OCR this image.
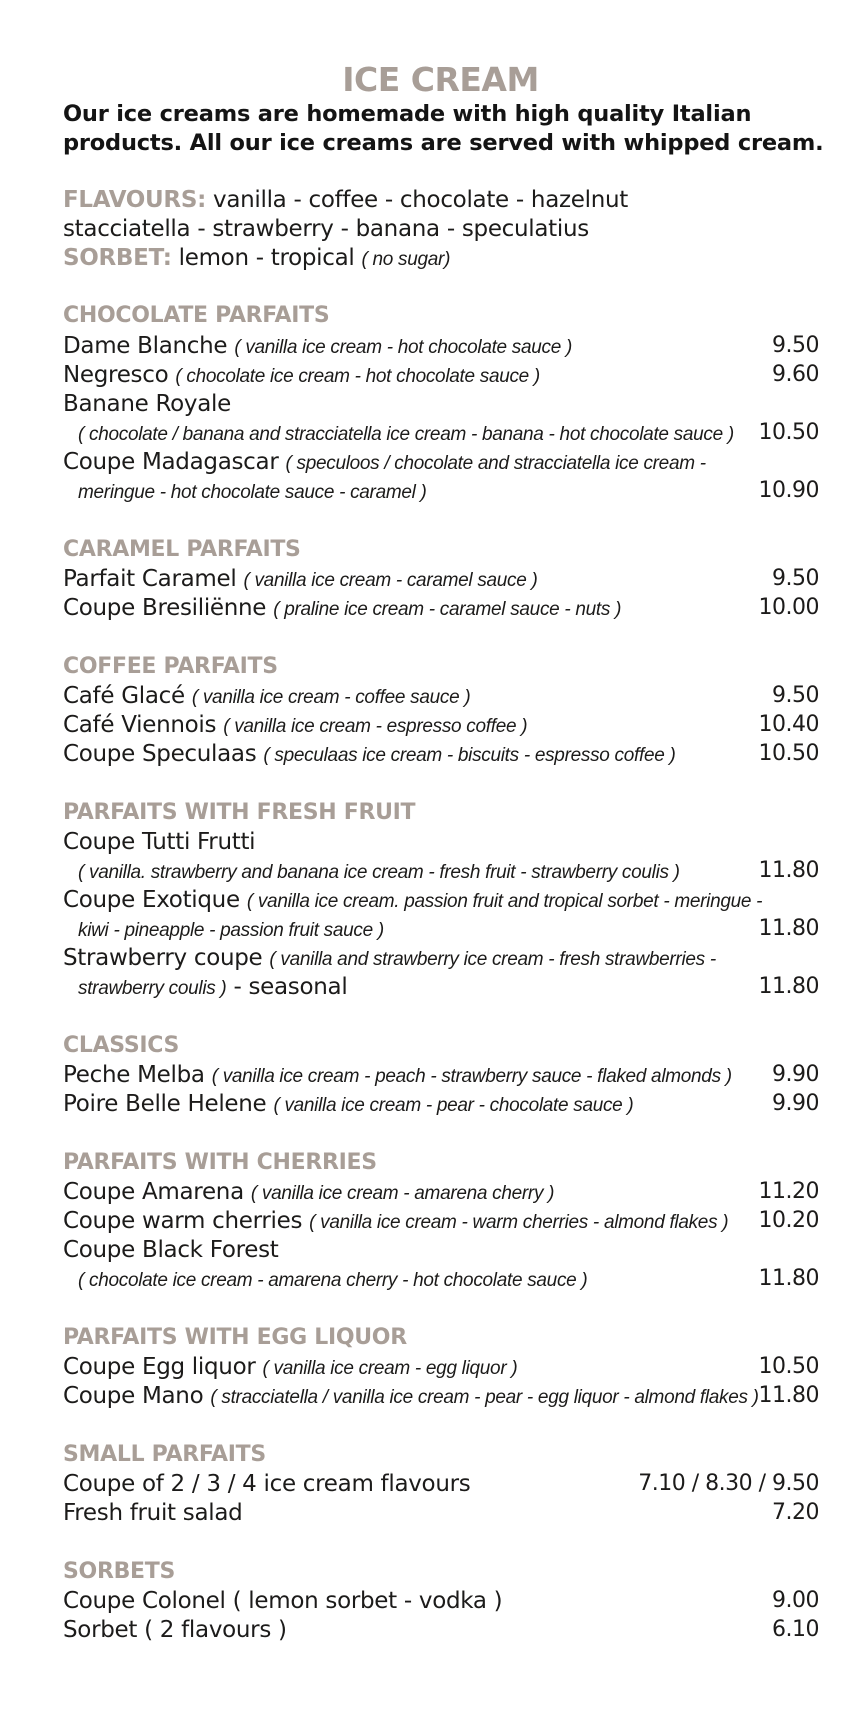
ICE CREAM
Our ice creams are homemade with high quality Italian
products. All our ice creams are served with whipped cream.
FLAVOURS: vanilla - coffee - chocolate - hazelnut
stacciatella - strawberry - banana - speculatius
SORBET: lemon - tropical ( no sugar)
CHOCOLATE PARFAITS
Dame Blanche ( vanilla ice cream - hot chocolate sauce )	9.50
Negresco ( chocolate ice cream - hot chocolate sauce )	9.60
Banane Royale
( chocolate / banana and stracciatella ice cream - banana - hot chocolate sauce ) 10.50
Coupe Madagascar ( speculoos / chocolate and stracciatella ice cream -
meringue - hot chocolate sauce - caramel )	10.90
CARAMEL PARFAITS
Parfait Caramel ( vanilla ice cream - caramel sauce )	9.50
Coupe Bresiliënne ( praline ice cream - caramel sauce - nuts )	10.00
COFFEE PARFAITS
Café Glacé ( vanilla ice cream - coffee sauce )	9.50
Café Viennois ( vanilla ice cream - espresso coffee )	10.40
Coupe Speculaas ( speculaas ice cream - biscuits - espresso coffee )	10.50
PARFAITS WITH FRESH FRUIT
Coupe Tutti Frutti
( vanilla. strawberry and banana ice cream - fresh fruit - strawberry coulis )	11.80
Coupe Exotique ( vanilla ice cream. passion fruit and tropical sorbet - meringue -
kiwi - pineapple - passion fruit sauce )	11.80
Strawberry coupe ( vanilla and strawberry ice cream - fresh strawberries -
strawberry coulis ) - seasonal	11.80
CLASSICS
Peche Melba ( vanilla ice cream - peach - strawberry sauce - flaked almonds ) 9.90
Poire Belle Helene ( vanilla ice cream - pear - chocolate sauce )	9.90
PARFAITS WITH CHERRIES
Coupe Amarena ( vanilla ice cream - amarena cherry )	11.20
Coupe warm cherries ( vanilla ice cream - warm cherries - almond flakes ) 10.20
Coupe Black Forest
( chocolate ice cream - amarena cherry - hot chocolate sauce )	11.80
PARFAITS WITH EGG LIQUOR
Coupe Egg liquor ( vanilla ice cream - egg liquor )	10.50
Coupe Mano ( stracciatella / vanilla ice cream - pear - egg liquor - almond flakes ) 11.80
SMALL PARFAITS
Coupe of 2 / 3 / 4 ice cream flavours	7.10 / 8.30 / 9.50
Fresh fruit salad	7.20
SORBETS
Coupe Colonel ( lemon sorbet - vodka )	9.00
Sorbet ( 2 flavours )	6.10
